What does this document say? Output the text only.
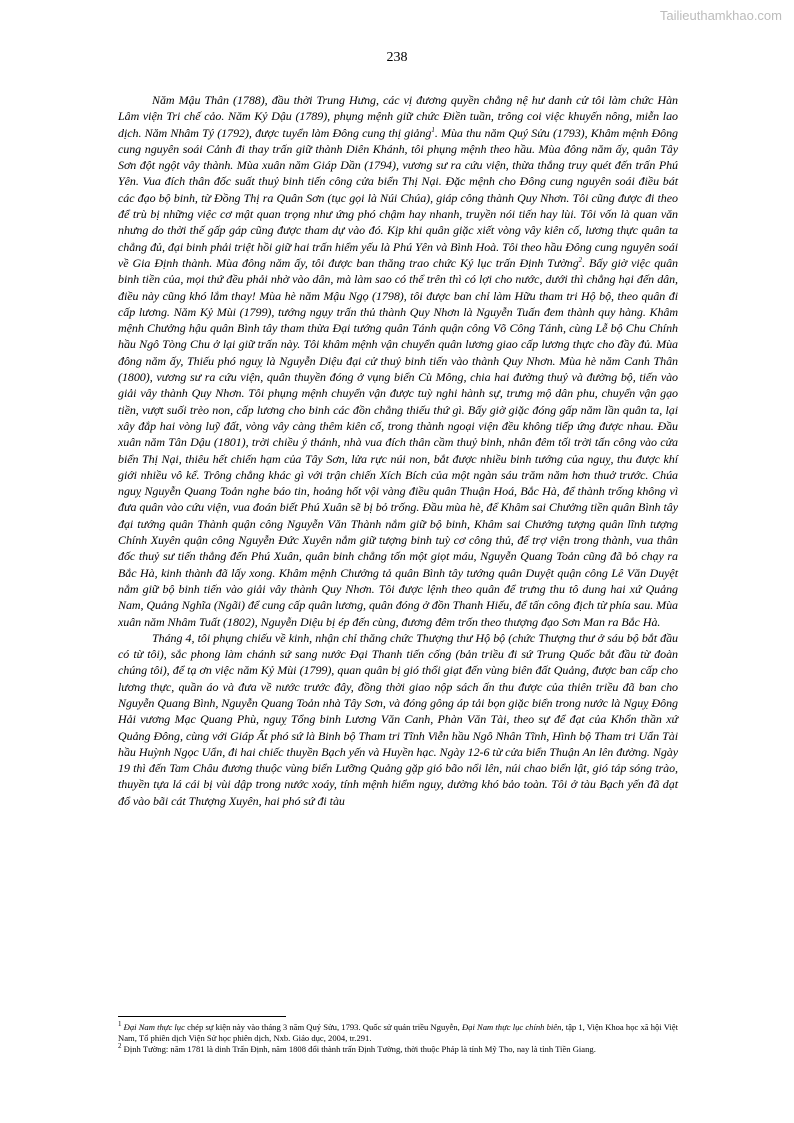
Tailieuthamkhao.com
238

Năm Mậu Thân (1788), đầu thời Trung Hưng, các vị đương quyền chẳng nệ hư danh cử tôi làm chức Hàn Lâm viện Tri chế cảo. Năm Kỷ Dậu (1789), phụng mệnh giữ chức Điền tuần, trông coi việc khuyến nông, miễn lao dịch. Năm Nhâm Tý (1792), được tuyển làm Đông cung thị giảng$^1$. Mùa thu năm Quý Sửu (1793), Khâm mệnh Đông cung nguyên soái Cảnh đi thay trấn giữ thành Diên Khánh, tôi phụng mệnh theo hầu. Mùa đông năm ấy, quân Tây Sơn đột ngột vây thành. Mùa xuân năm Giáp Dần (1794), vương sư ra cứu viện, thừa thắng truy quét đến trấn Phú Yên. Vua đích thân đốc suất thuỷ binh tiến công cửa biển Thị Nại. Đặc mệnh cho Đông cung nguyên soái điều bát các đạo bộ binh, từ Đồng Thị ra Quân Sơn (tục gọi là Núi Chúa), giáp công thành Quy Nhơn. Tôi cũng được đi theo để trù bị những việc cơ mật quan trọng như ứng phó chậm hay nhanh, truyền nói tiến hay lùi. Tôi vốn là quan văn nhưng do thời thế gấp gáp cũng được tham dự vào đó. Kịp khi quân giặc xiết vòng vây kiên cố, lương thực quân ta chẳng đủ, đại binh phải triệt hồi giữ hai trấn hiểm yếu là Phú Yên và Bình Hoà. Tôi theo hầu Đông cung nguyên soái về Gia Định thành. Mùa đông năm ấy, tôi được ban thăng trao chức Ký lục trấn Định Tường$^2$. Bấy giờ việc quân binh tiền của, mọi thứ đều phải nhờ vào dân, mà làm sao có thể trên thì có lợi cho nước, dưới thì chẳng hại đến dân, điều này cũng khó lắm thay! Mùa hè năm Mậu Ngọ (1798), tôi được ban chỉ làm Hữu tham tri Hộ bộ, theo quân đi cấp lương. Năm Kỷ Mùi (1799), tướng ngụy trấn thủ thành Quy Nhơn là Nguyễn Tuấn đem thành quy hàng. Khâm mệnh Chưởng hậu quân Bình tây tham thừa Đại tướng quân Tánh quận công Võ Công Tánh, cùng Lễ bộ Chu Chính hầu Ngô Tòng Chu ở lại giữ trấn này. Tôi khâm mệnh vận chuyển quân lương giao cấp lương thực cho đầy đủ. Mùa đông năm ấy, Thiếu phó nguỵ là Nguyễn Diệu đại cử thuỷ binh tiến vào thành Quy Nhơn. Mùa hè năm Canh Thân (1800), vương sư ra cứu viện, quân thuyền đóng ở vụng biển Cù Mông, chia hai đường thuỷ và đường bộ, tiến vào giải vây thành Quy Nhơn. Tôi phụng mệnh chuyển vận được tuỳ nghi hành sự, trưng mộ dân phu, chuyển vận gạo tiền, vượt suối trèo non, cấp lương cho binh các đồn chẳng thiếu thứ gì. Bấy giờ giặc đóng gấp năm lần quân ta, lại xây đắp hai vòng luỹ đất, vòng vây càng thêm kiên cố, trong thành ngoại viện đều không tiếp ứng được nhau. Đầu xuân năm Tân Dậu (1801), trời chiều ý thánh, nhà vua đích thân cầm thuỷ binh, nhân đêm tối trời tấn công vào cửa biển Thị Nại, thiêu hết chiến hạm của Tây Sơn, lửa rực núi non, bắt được nhiều binh tướng của nguỵ, thu được khí giới nhiều vô kể. Trông chẳng khác gì với trận chiến Xích Bích của một ngàn sáu trăm năm hơn thuở trước. Chúa nguỵ Nguyễn Quang Toản nghe báo tin, hoảng hốt vội vàng điều quân Thuận Hoá, Bắc Hà, để thành trống không vì đưa quân vào cứu viện, vua đoán biết Phú Xuân sẽ bị bỏ trống. Đầu mùa hè, để Khâm sai Chưởng tiền quân Bình tây đại tướng quân Thành quận công Nguyễn Văn Thành nắm giữ bộ binh, Khâm sai Chưởng tượng quân lĩnh tượng Chính Xuyên quận công Nguyễn Đức Xuyên nắm giữ tượng binh tuỳ cơ công thủ, để trợ viện trong thành, vua thân đốc thuỷ sư tiến thẳng đến Phú Xuân, quân binh chẳng tốn một giọt máu, Nguyễn Quang Toản cũng đã bỏ chạy ra Bắc Hà, kinh thành đã lấy xong. Khâm mệnh Chưởng tả quân Bình tây tướng quân Duyệt quận công Lê Văn Duyệt nắm giữ bộ binh tiến vào giải vây thành Quy Nhơn. Tôi được lệnh theo quân để trưng thu tô dung hai xứ Quảng Nam, Quảng Nghĩa (Ngãi) để cung cấp quân lương, quân đóng ở đồn Thanh Hiếu, để tấn công địch từ phía sau. Mùa xuân năm Nhâm Tuất (1802), Nguyễn Diệu bị ép đến cùng, đương đêm trốn theo thượng đạo Sơn Man ra Bắc Hà.

Tháng 4, tôi phụng chiếu về kinh, nhận chỉ thăng chức Thượng thư Hộ bộ (chức Thượng thư ở sáu bộ bắt đầu có từ tôi), sắc phong làm chánh sứ sang nước Đại Thanh tiến cống (bản triều đi sứ Trung Quốc bắt đầu từ đoàn chúng tôi), để tạ ơn việc năm Kỷ Mùi (1799), quan quân bị gió thổi giạt đến vùng biên đất Quảng, được ban cấp cho lương thực, quần áo và đưa về nước trước đây, đồng thời giao nộp sách ấn thu được của thiên triều đã ban cho Nguyễn Quang Bình, Nguyễn Quang Toản nhà Tây Sơn, và đóng gông áp tải bọn giặc biển trong nước là Nguỵ Đông Hải vương Mạc Quang Phù, nguỵ Tổng binh Lương Văn Canh, Phàn Văn Tài, theo sự để đạt của Khổn thần xứ Quảng Đông, cùng với Giáp Ất phó sứ là Binh bộ Tham tri Tĩnh Viễn hầu Ngô Nhân Tĩnh, Hình bộ Tham tri Uẩn Tài hầu Huỳnh Ngọc Uẩn, đi hai chiếc thuyền Bạch yến và Huyền hạc. Ngày 12-6 từ cửa biển Thuận An lên đường. Ngày 19 thì đến Tam Châu đương thuộc vùng biển Lưỡng Quảng gặp gió bão nổi lên, núi chao biển lật, gió táp sóng trào, thuyền tựa lá cái bị vùi dập trong nước xoáy, tính mệnh hiểm nguy, dường khó bảo toàn. Tôi ở tàu Bạch yến đã dạt đổ vào bãi cát Thượng Xuyên, hai phó sứ đi tàu

$^1$ Đại Nam thực lục chép sự kiện này vào tháng 3 năm Quý Sửu, 1793. Quốc sử quán triều Nguyễn, Đại Nam thực lục chính biên, tập 1, Viện Khoa học xã hội Việt Nam, Tổ phiên dịch Viện Sử học phiên dịch, Nxb. Giáo dục, 2004, tr.291.

$^2$ Định Tường: năm 1781 là dinh Trấn Định, năm 1808 đổi thành trấn Định Tường, thời thuộc Pháp là tỉnh Mỹ Tho, nay là tỉnh Tiền Giang.
